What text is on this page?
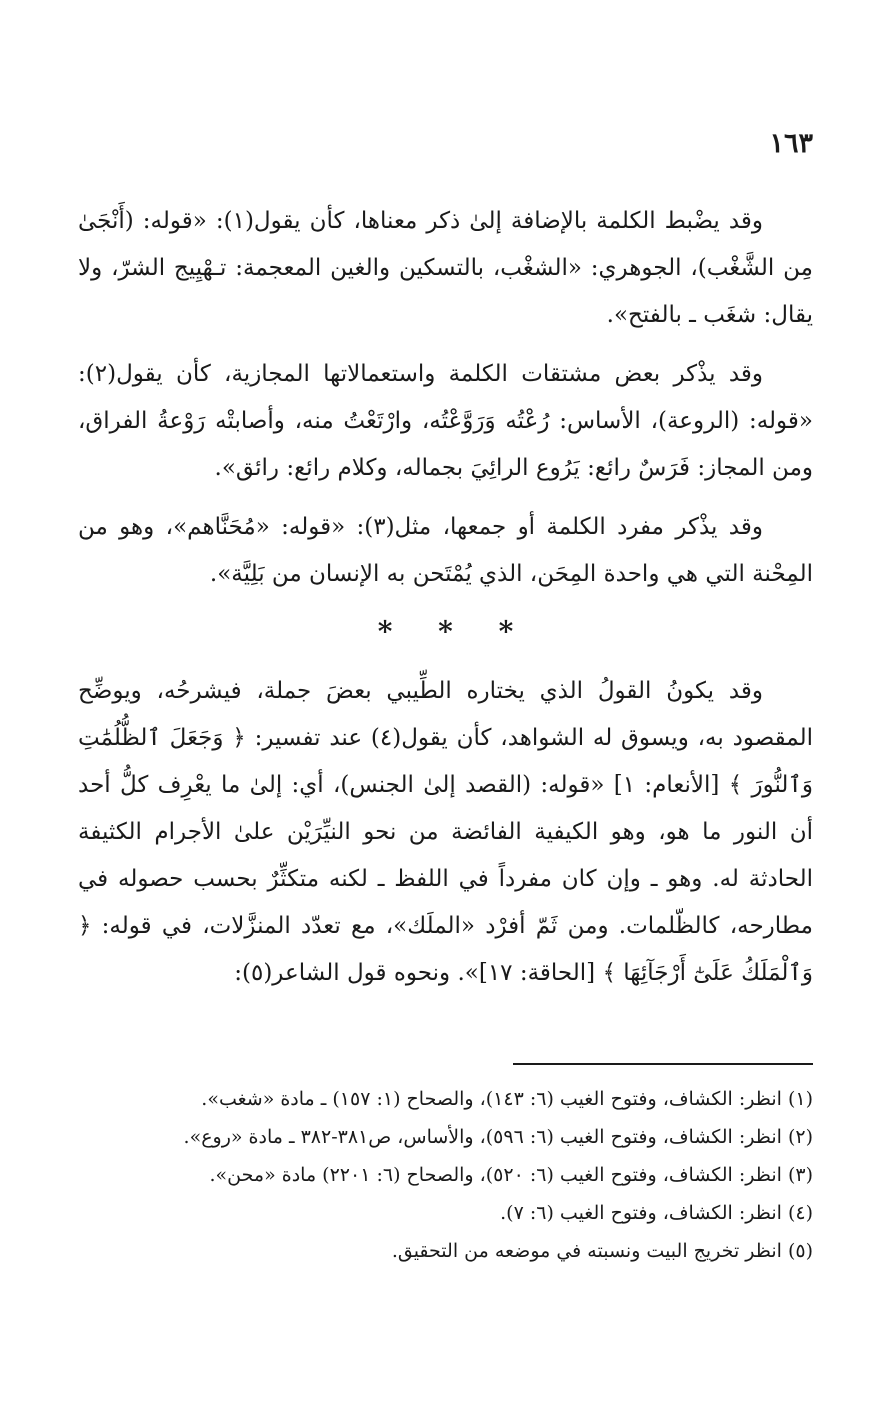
١٦٣

وقد يضْبط الكلمة بالإضافة إلىٰ ذكر معناها، كأن يقول(١): «قوله: (أَنْجَىٰ مِن الشَّغْب)، الجوهري: «الشغْب، بالتسكين والغين المعجمة: تـهْيِيج الشرّ، ولا يقال: شغَب ـ بالفتح».

وقد يذْكر بعض مشتقات الكلمة واستعمالاتها المجازية، كأن يقول(٢): «قوله: (الروعة)، الأساس: رُعْتُه وَرَوَّعْتُه، وارْتَعْتُ منه، وأصابتْه رَوْعةُ الفراق، ومن المجاز: فَرَسٌ رائع: يَرُوع الرائِيَ بجماله، وكلام رائع: رائق».

وقد يذْكر مفرد الكلمة أو جمعها، مثل(٣): «قوله: «مُحَنَّاهم»، وهو من المِحْنة التي هي واحدة المِحَن، الذي يُمْتَحن به الإنسان من بَلِيَّة».

* * *

وقد يكونُ القولُ الذي يختاره الطِّيبي بعضَ جملة، فيشرحُه، ويوضِّح المقصود به، ويسوق له الشواهد، كأن يقول(٤) عند تفسير: ﴿ وَجَعَلَ ٱلظُّلُمَٰتِ وَٱلنُّورَ ﴾ [الأنعام: ١] «قوله: (القصد إلىٰ الجنس)، أي: إلىٰ ما يعْرِف كلُّ أحد أن النور ما هو، وهو الكيفية الفائضة من نحو النيِّرَيْن علىٰ الأجرام الكثيفة الحادثة له. وهو ـ وإن كان مفرداً في اللفظ ـ لكنه متكثِّرٌ بحسب حصوله في مطارحه، كالظّلمات. ومن ثَمّ أفرْد «الملَك»، مع تعدّد المنزَّلات، في قوله: ﴿ وَٱلْمَلَكُ عَلَىٰٓ أَرْجَآئِهَا ﴾ [الحاقة: ١٧]». ونحوه قول الشاعر(٥):

(١) انظر: الكشاف، وفتوح الغيب (٦: ١٤٣)، والصحاح (١: ١٥٧) ـ مادة «شغب».

(٢) انظر: الكشاف، وفتوح الغيب (٦: ٥٩٦)، والأساس، ص٣٨١-٣٨٢ ـ مادة «روع».

(٣) انظر: الكشاف، وفتوح الغيب (٦: ٥٢٠)، والصحاح (٦: ٢٢٠١) مادة «محن».

(٤) انظر: الكشاف، وفتوح الغيب (٦: ٧).

(٥) انظر تخريج البيت ونسبته في موضعه من التحقيق.
